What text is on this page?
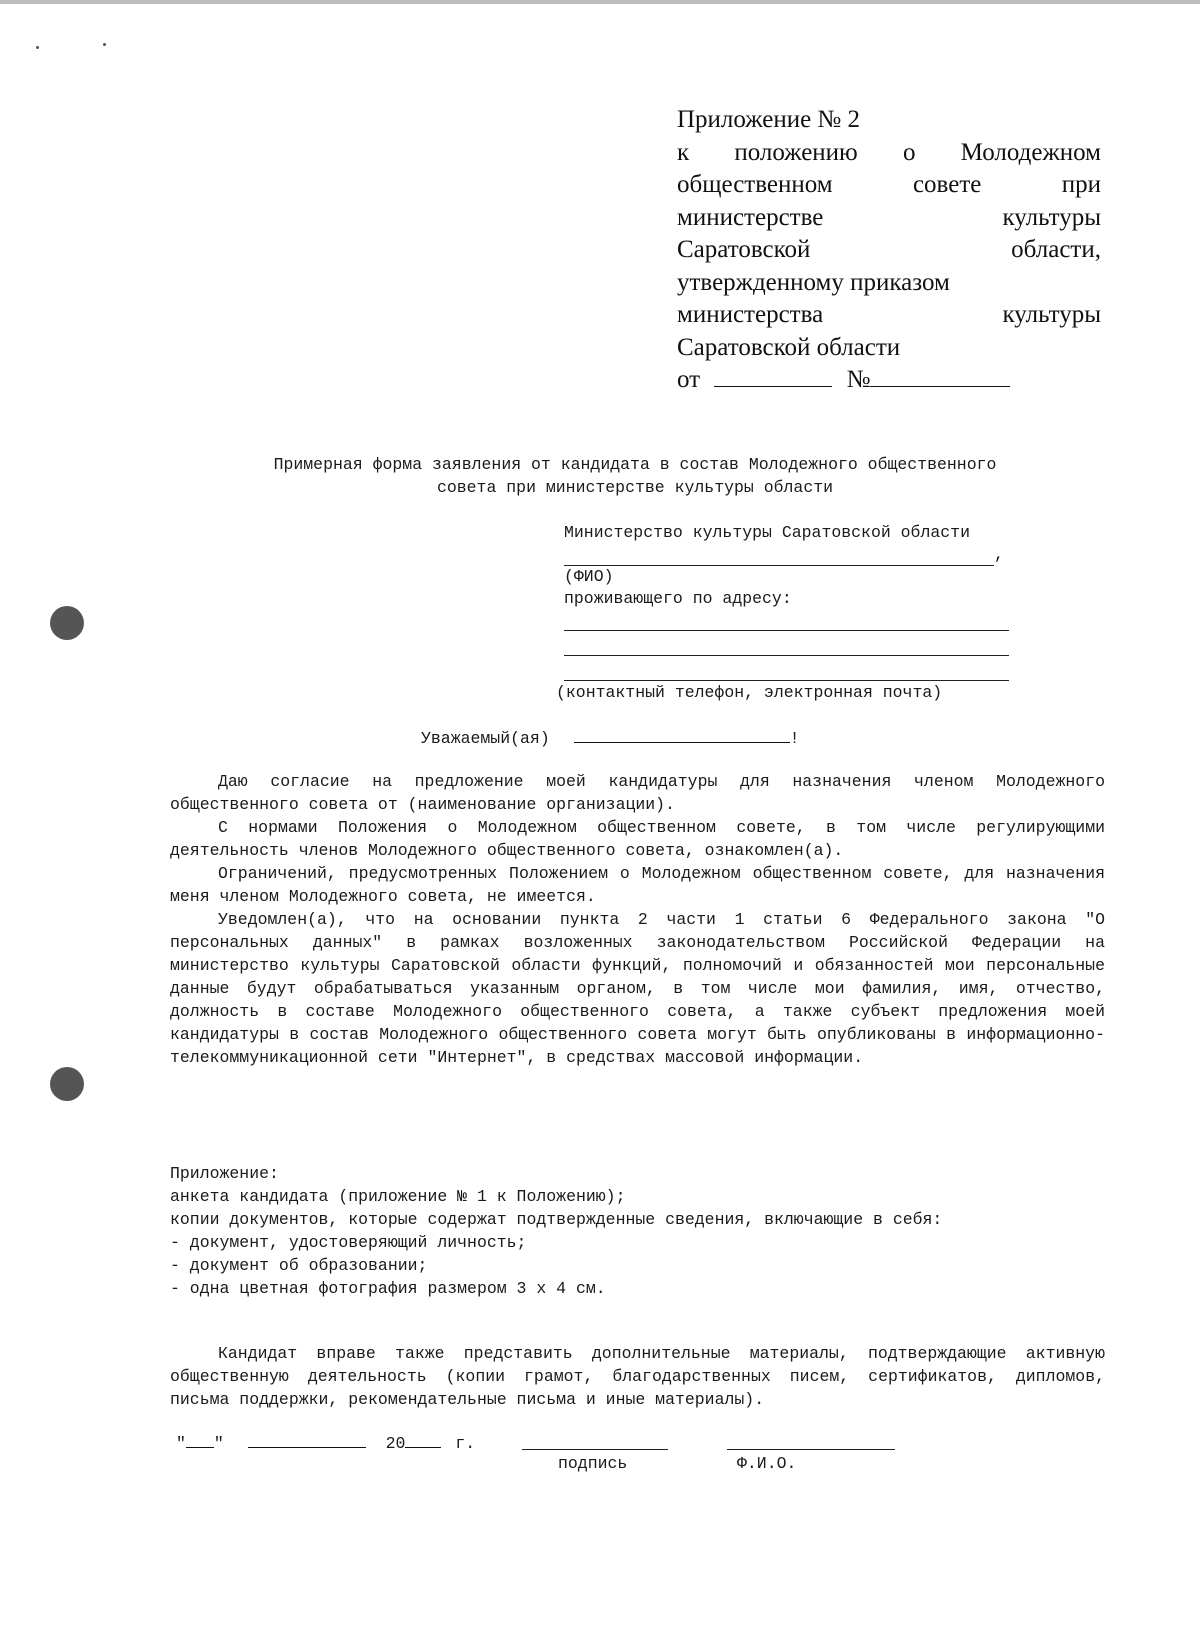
Приложение № 2
к положению о Молодежном
общественном совете при
министерстве культуры
Саратовской области,
утвержденному приказом
министерства культуры
Саратовской области
от	№
Примерная форма заявления от кандидата в состав Молодежного общественного
совета при министерстве культуры области
Министерство культуры Саратовской области
,
(ФИО)
проживающего по адресу:
(контактный телефон, электронная почта)
Уважаемый(ая)	!

Даю согласие на предложение моей кандидатуры для назначения членом Молодежного общественного совета от (наименование организации).

С нормами Положения о Молодежном общественном совете, в том числе регулирующими деятельность членов Молодежного общественного совета, ознакомлен(а).

Ограничений, предусмотренных Положением о Молодежном общественном совете, для назначения меня членом Молодежного совета, не имеется.

Уведомлен(а), что на основании пункта 2 части 1 статьи 6 Федерального закона "О персональных данных" в рамках возложенных законодательством Российской Федерации на министерство культуры Саратовской области функций, полномочий и обязанностей мои персональные данные будут обрабатываться указанным органом, в том числе мои фамилия, имя, отчество, должность в составе Молодежного общественного совета, а также субъект предложения моей кандидатуры в состав Молодежного общественного совета могут быть опубликованы в информационно-телекоммуникационной сети "Интернет", в средствах массовой информации.

Приложение:
анкета кандидата (приложение № 1 к Положению);
копии документов, которые содержат подтвержденные сведения, включающие в себя:
- документ, удостоверяющий личность;
- документ об образовании;
- одна цветная фотография размером 3 х 4 см.

Кандидат вправе также представить дополнительные материалы, подтверждающие активную общественную деятельность (копии грамот, благодарственных писем, сертификатов, дипломов, письма поддержки, рекомендательные письма и иные материалы).

" "	20	г.
подпись	Ф.И.О.
